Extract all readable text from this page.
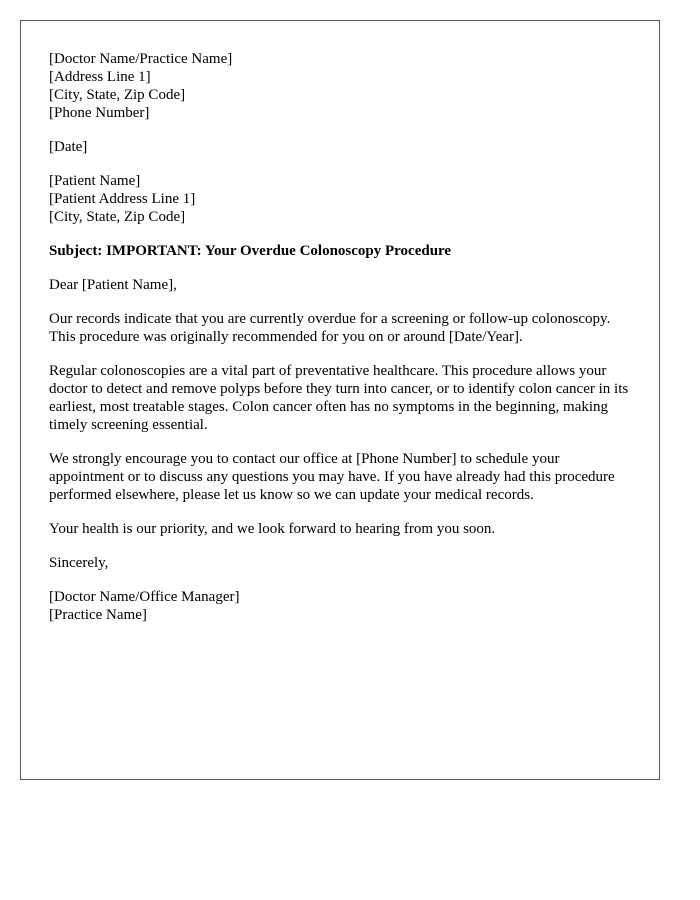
[Doctor Name/Practice Name]
[Address Line 1]
[City, State, Zip Code]
[Phone Number]
[Date]
[Patient Name]
[Patient Address Line 1]
[City, State, Zip Code]

Subject: IMPORTANT: Your Overdue Colonoscopy Procedure

Dear [Patient Name],

Our records indicate that you are currently overdue for a screening or follow-up colonoscopy. This procedure was originally recommended for you on or around [Date/Year].

Regular colonoscopies are a vital part of preventative healthcare. This procedure allows your doctor to detect and remove polyps before they turn into cancer, or to identify colon cancer in its earliest, most treatable stages. Colon cancer often has no symptoms in the beginning, making timely screening essential.

We strongly encourage you to contact our office at [Phone Number] to schedule your appointment or to discuss any questions you may have. If you have already had this procedure performed elsewhere, please let us know so we can update your medical records.

Your health is our priority, and we look forward to hearing from you soon.

Sincerely,

[Doctor Name/Office Manager]
[Practice Name]
